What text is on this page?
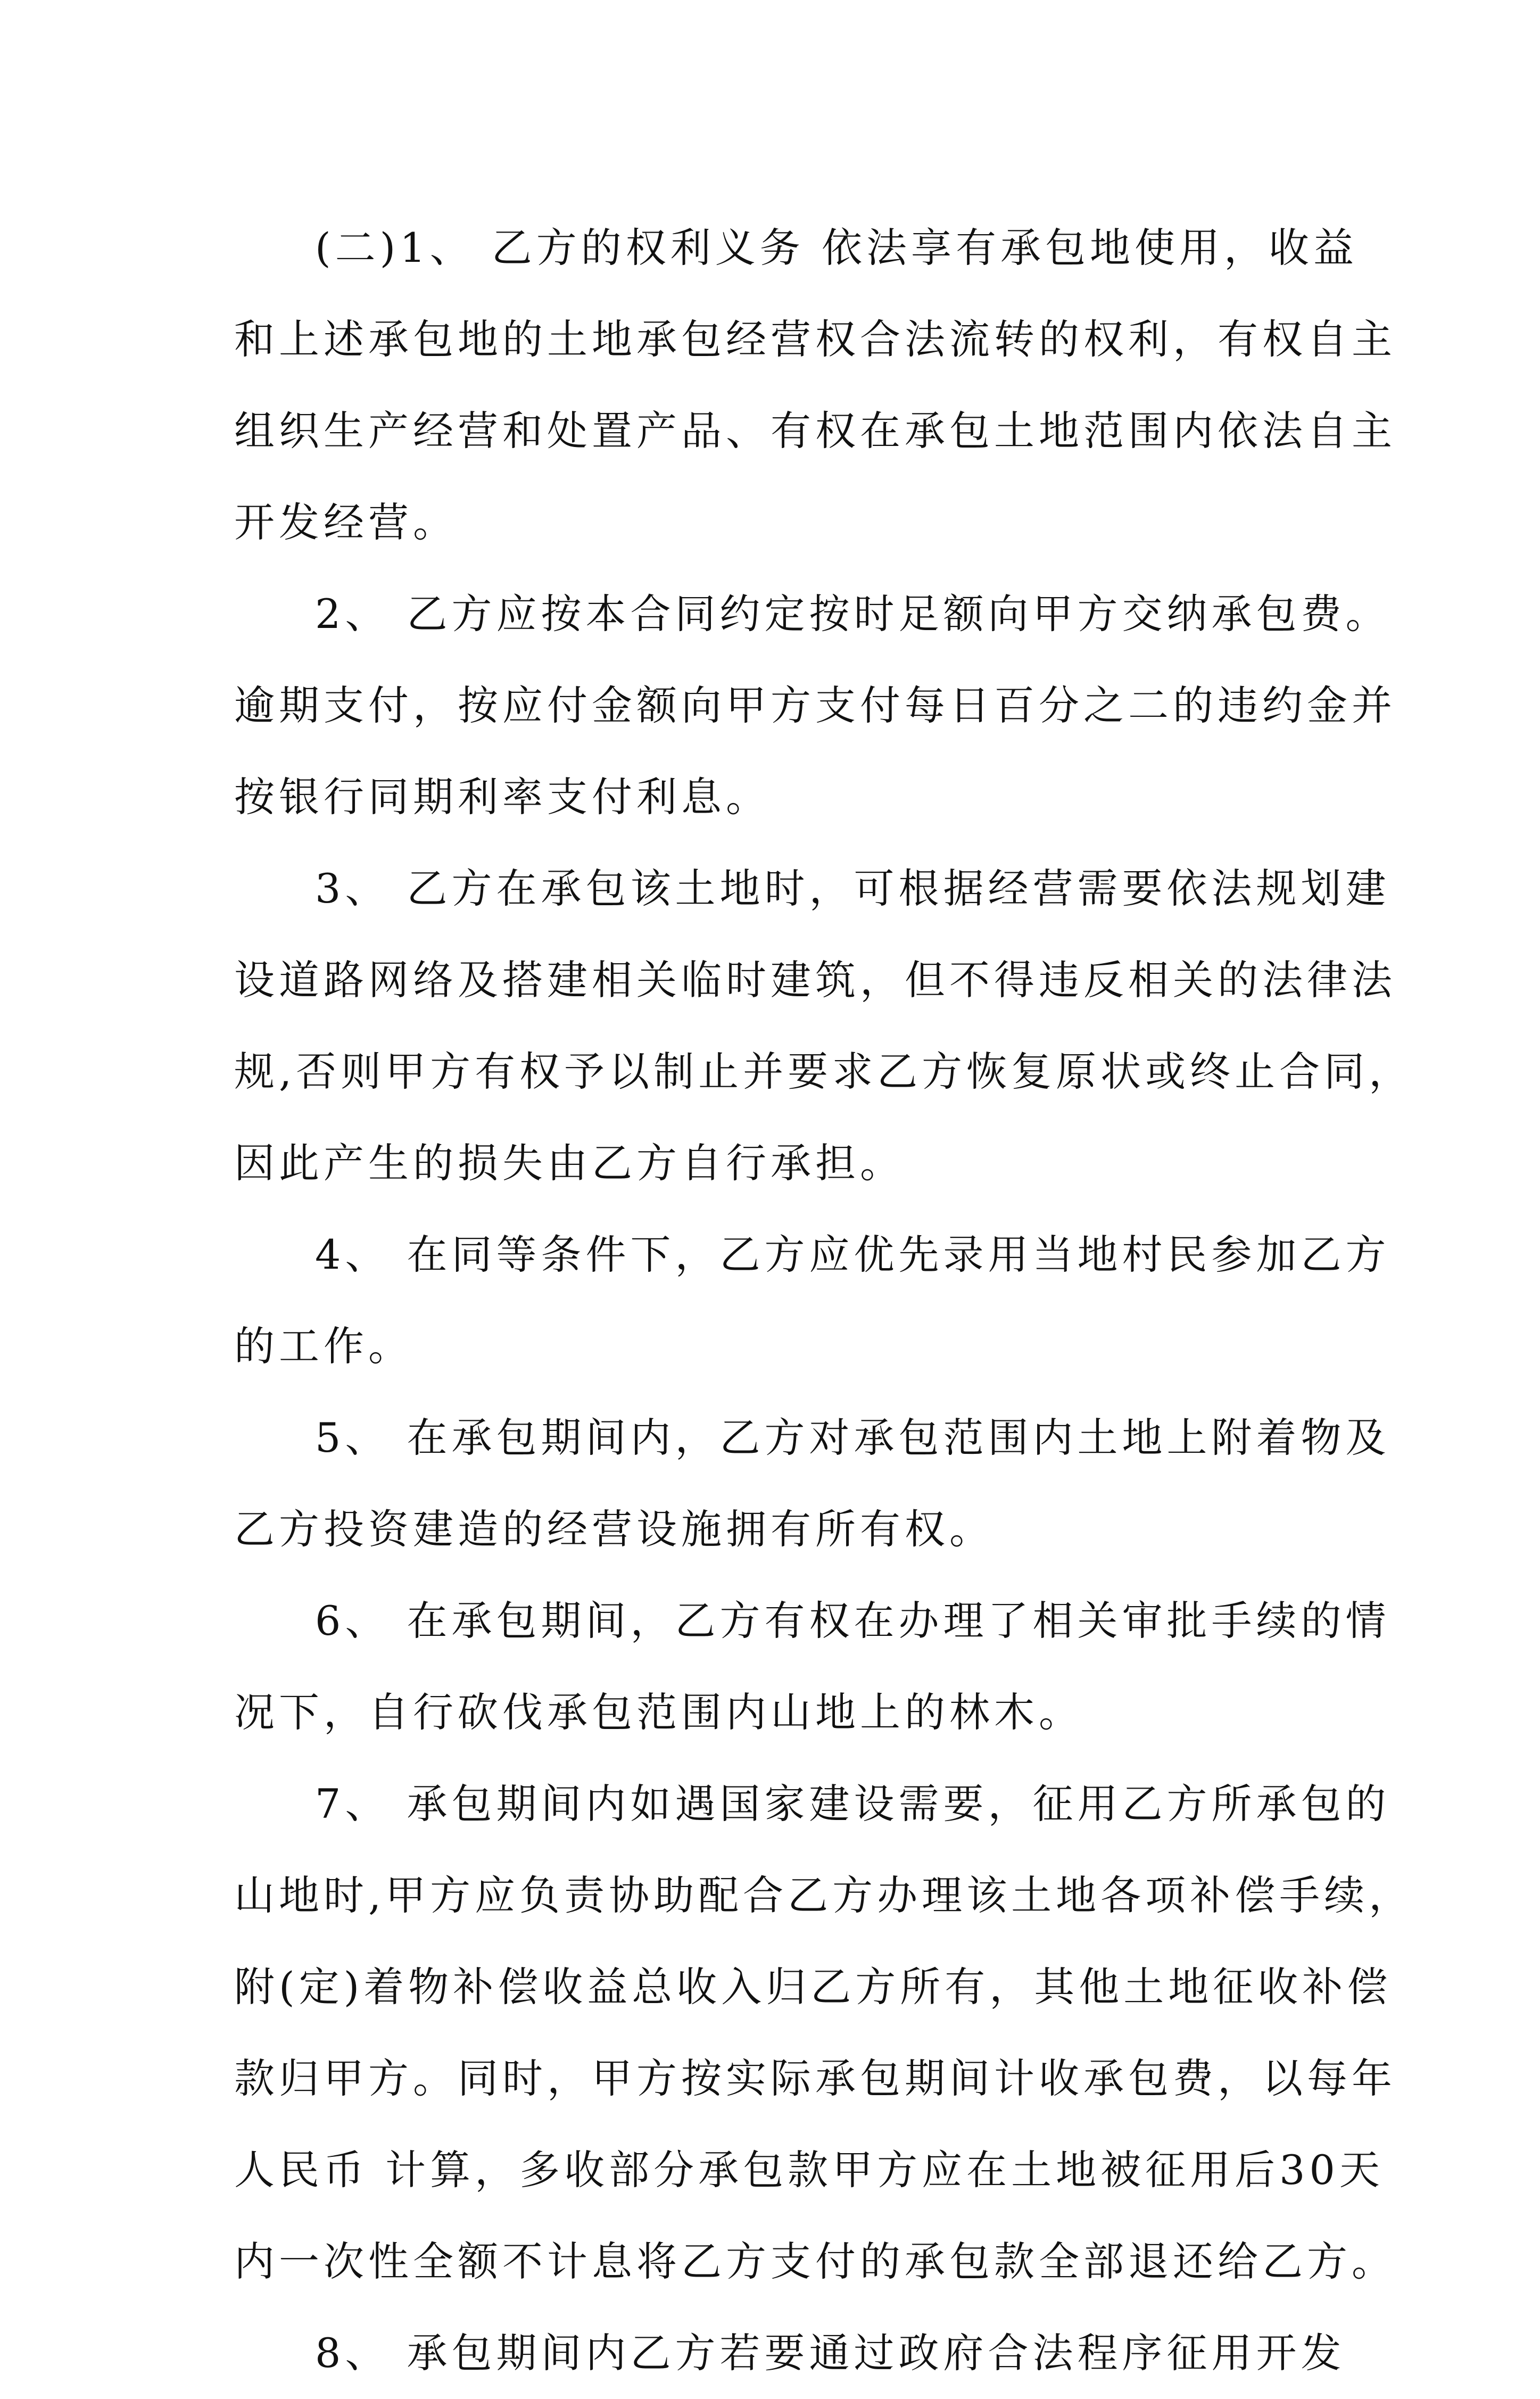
(二)1、 乙方的权利义务 依法享有承包地使用，收益
和上述承包地的土地承包经营权合法流转的权利，有权自主
组织生产经营和处置产品、有权在承包土地范围内依法自主
开发经营。

2、 乙方应按本合同约定按时足额向甲方交纳承包费。
逾期支付，按应付金额向甲方支付每日百分之二的违约金并
按银行同期利率支付利息。

3、 乙方在承包该土地时，可根据经营需要依法规划建
设道路网络及搭建相关临时建筑，但不得违反相关的法律法
规,否则甲方有权予以制止并要求乙方恢复原状或终止合同，
因此产生的损失由乙方自行承担。

4、 在同等条件下，乙方应优先录用当地村民参加乙方
的工作。

5、 在承包期间内，乙方对承包范围内土地上附着物及
乙方投资建造的经营设施拥有所有权。

6、 在承包期间，乙方有权在办理了相关审批手续的情
况下，自行砍伐承包范围内山地上的林木。

7、 承包期间内如遇国家建设需要，征用乙方所承包的
山地时,甲方应负责协助配合乙方办理该土地各项补偿手续，
附(定)着物补偿收益总收入归乙方所有，其他土地征收补偿
款归甲方。同时，甲方按实际承包期间计收承包费，以每年
人民币 计算，多收部分承包款甲方应在土地被征用后30天
内一次性全额不计息将乙方支付的承包款全部退还给乙方。

8、 承包期间内乙方若要通过政府合法程序征用开发
